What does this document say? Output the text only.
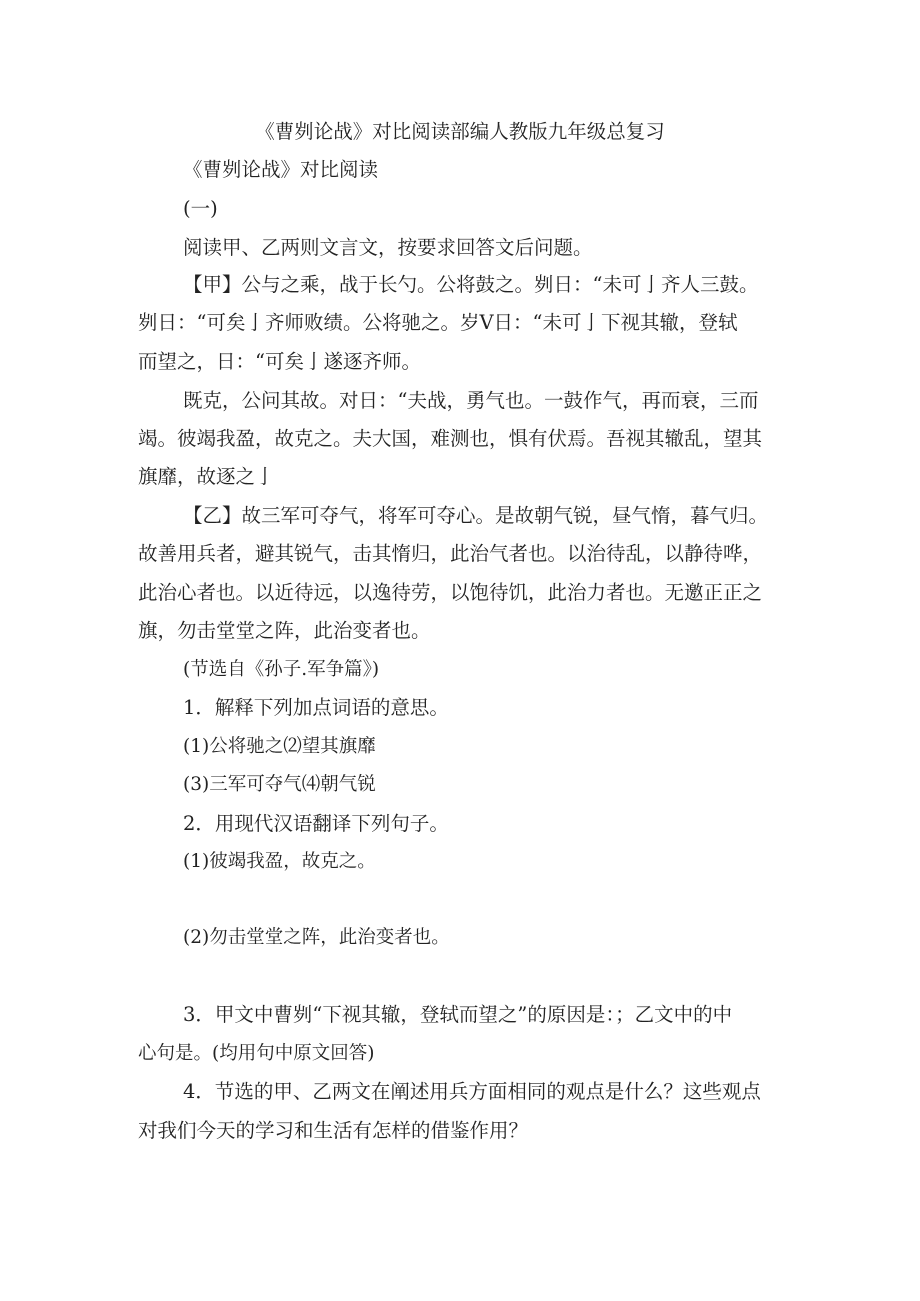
《曹刿论战》对比阅读部编人教版九年级总复习
《曹刿论战》对比阅读
(一)
阅读甲、乙两则文言文，按要求回答文后问题。
【甲】公与之乘，战于长勺。公将鼓之。刿日：“未可亅齐人三鼓。
刿日：“可矣亅齐师败绩。公将驰之。岁Ⅴ日：“未可亅下视其辙，登轼
而望之，日：“可矣亅遂逐齐师。
既克，公问其故。对日：“夫战，勇气也。一鼓作气，再而衰，三而
竭。彼竭我盈，故克之。夫大国，难测也，惧有伏焉。吾视其辙乱，望其
旗靡，故逐之亅
【乙】故三军可夺气，将军可夺心。是故朝气锐，昼气惰，暮气归。
故善用兵者，避其锐气，击其惰归，此治气者也。以治待乱，以静待哗，
此治心者也。以近待远，以逸待劳，以饱待饥，此治力者也。无邀正正之
旗，勿击堂堂之阵，此治变者也。
(节选自《孙子.军争篇》)
1．解释下列加点词语的意思。
(1)公将驰之⑵望其旗靡
(3)三军可夺气⑷朝气锐
2．用现代汉语翻译下列句子。
(1)彼竭我盈，故克之。
(2)勿击堂堂之阵，此治变者也。
3．甲文中曹刿“下视其辙，登轼而望之”的原因是：；乙文中的中
心句是。(均用句中原文回答)
4．节选的甲、乙两文在阐述用兵方面相同的观点是什么？这些观点
对我们今天的学习和生活有怎样的借鉴作用？
